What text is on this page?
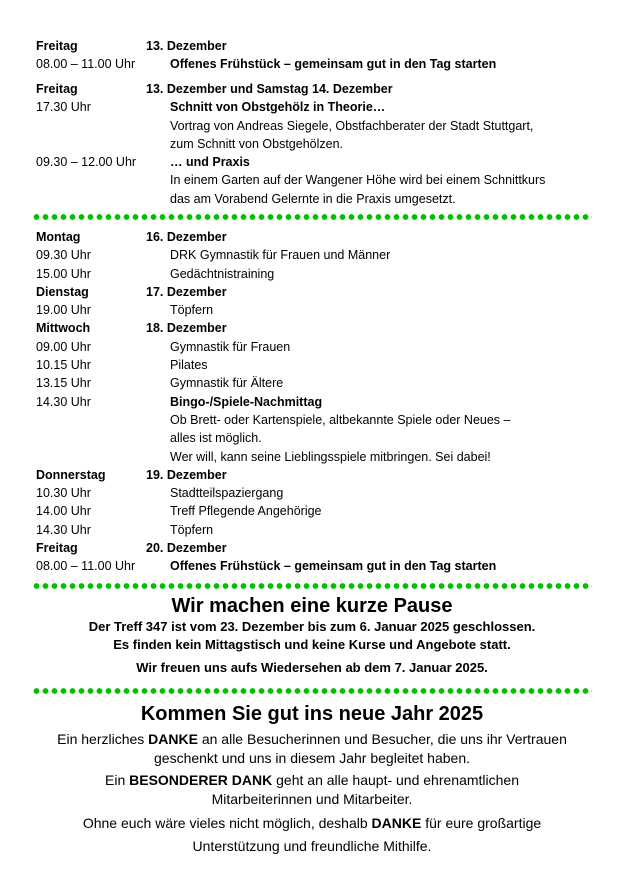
Freitag	13. Dezember
08.00 – 11.00 Uhr	Offenes Frühstück – gemeinsam gut in den Tag starten
Freitag	13. Dezember und Samstag 14. Dezember
17.30 Uhr	Schnitt von Obstgehölz in Theorie…
Vortrag von Andreas Siegele, Obstfachberater der Stadt Stuttgart,
zum Schnitt von Obstgehölzen.
09.30 – 12.00 Uhr	… und Praxis
In einem Garten auf der Wangener Höhe wird bei einem Schnittkurs
das am Vorabend Gelernte in die Praxis umgesetzt.
Montag	16. Dezember
09.30 Uhr	DRK Gymnastik für Frauen und Männer
15.00 Uhr	Gedächtnistraining
Dienstag	17. Dezember
19.00 Uhr	Töpfern
Mittwoch	18. Dezember
09.00 Uhr	Gymnastik für Frauen
10.15 Uhr	Pilates
13.15 Uhr	Gymnastik für Ältere
14.30 Uhr	Bingo-/Spiele-Nachmittag
Ob Brett- oder Kartenspiele, altbekannte Spiele oder Neues –
alles ist möglich.
Wer will, kann seine Lieblingsspiele mitbringen. Sei dabei!
Donnerstag	19. Dezember
10.30 Uhr	Stadtteilspaziergang
14.00 Uhr	Treff Pflegende Angehörige
14.30 Uhr	Töpfern
Freitag	20. Dezember
08.00 – 11.00 Uhr	Offenes Frühstück – gemeinsam gut in den Tag starten
Wir machen eine kurze Pause
Der Treff 347 ist vom 23. Dezember bis zum 6. Januar 2025 geschlossen.
Es finden kein Mittagstisch und keine Kurse und Angebote statt.
Wir freuen uns aufs Wiedersehen ab dem 7. Januar 2025.
Kommen Sie gut ins neue Jahr 2025
Ein herzliches DANKE an alle Besucherinnen und Besucher, die uns ihr Vertrauen
geschenkt und uns in diesem Jahr begleitet haben.
Ein BESONDERER DANK geht an alle haupt- und ehrenamtlichen
Mitarbeiterinnen und Mitarbeiter.
Ohne euch wäre vieles nicht möglich, deshalb DANKE für eure großartige
Unterstützung und freundliche Mithilfe.
